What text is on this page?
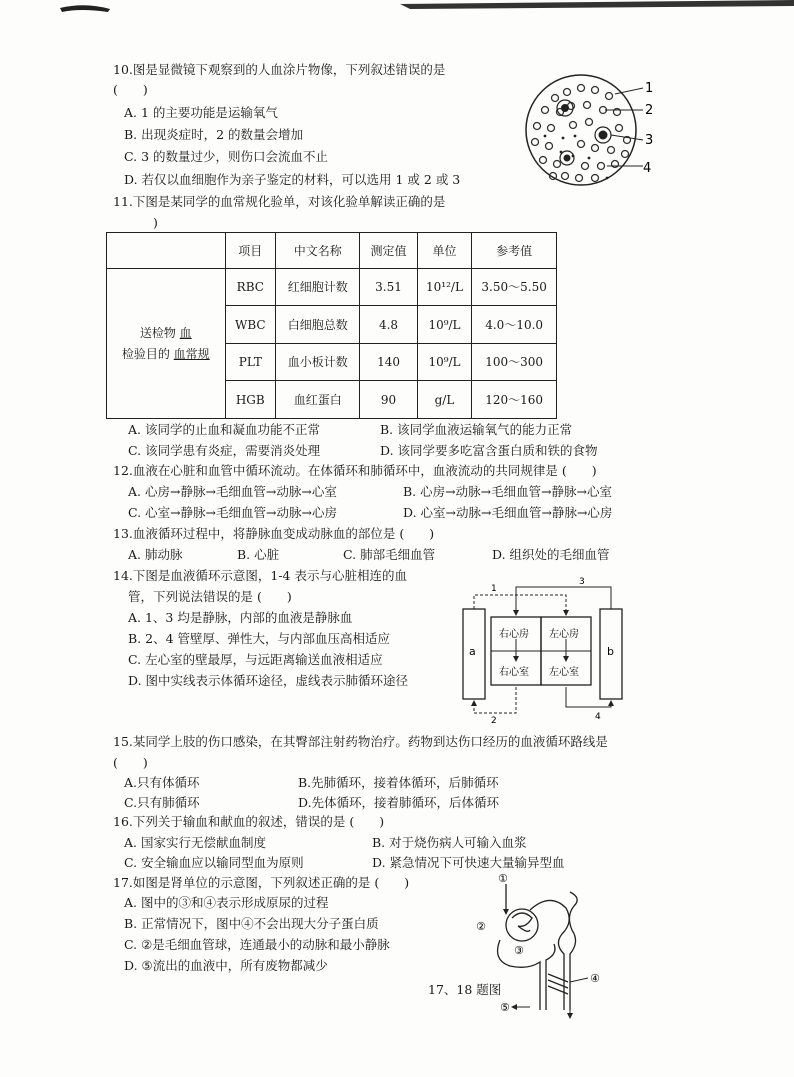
10.图是显微镜下观察到的人血涂片物像，下列叙述错误的是
(　　)
A. 1 的主要功能是运输氧气
B. 出现炎症时，2 的数量会增加
C. 3 的数量过少，则伤口会流血不止
D. 若仅以血细胞作为亲子鉴定的材料，可以选用 1 或 2 或 3
1
2
3
4
11.下图是某同学的血常规化验单，对该化验单解读正确的是
)
	项目	中文名称	测定值	单位	参考值
送检物 血
检验目的 血常规	RBC	红细胞计数	3.51	10¹²/L	3.50～5.50
	WBC	白细胞总数	4.8	10⁹/L	4.0～10.0
	PLT	血小板计数	140	10⁹/L	100～300
	HGB	血红蛋白	90	g/L	120～160
A. 该同学的止血和凝血功能不正常	B. 该同学血液运输氧气的能力正常
C. 该同学患有炎症，需要消炎处理	D. 该同学要多吃富含蛋白质和铁的食物
12.血液在心脏和血管中循环流动。在体循环和肺循环中，血液流动的共同规律是 (　　)
A. 心房→静脉→毛细血管→动脉→心室	B. 心房→动脉→毛细血管→静脉→心室
C. 心室→静脉→毛细血管→动脉→心房	D. 心室→动脉→毛细血管→静脉→心房
13.血液循环过程中，将静脉血变成动脉血的部位是 (　　)
A. 肺动脉	B. 心脏	C. 肺部毛细血管	D. 组织处的毛细血管
14.下图是血液循环示意图，1-4 表示与心脏相连的血
管，下列说法错误的是 (　　)
A. 1、3 均是静脉，内部的血液是静脉血
B. 2、4 管壁厚、弹性大，与内部血压高相适应
C. 左心室的壁最厚，与远距离输送血液相适应
D. 图中实线表示体循环途径，虚线表示肺循环途径
a	b
右心房 左心房
右心室 左心室
1
2
3
4
15.某同学上肢的伤口感染，在其臀部注射药物治疗。药物到达伤口经历的血液循环路线是
(　　)
A.只有体循环	B.先肺循环，接着体循环，后肺循环
C.只有肺循环	D.先体循环，接着肺循环，后体循环
16.下列关于输血和献血的叙述，错误的是 (　　)
A. 国家实行无偿献血制度	B. 对于烧伤病人可输入血浆
C. 安全输血应以输同型血为原则	D. 紧急情况下可快速大量输异型血
17.如图是肾单位的示意图，下列叙述正确的是 (　　)
A. 图中的③和④表示形成原尿的过程
B. 正常情况下，图中④不会出现大分子蛋白质
C. ②是毛细血管球，连通最小的动脉和最小静脉
D. ⑤流出的血液中，所有废物都减少
17、18 题图
①
②
③
④
⑤
